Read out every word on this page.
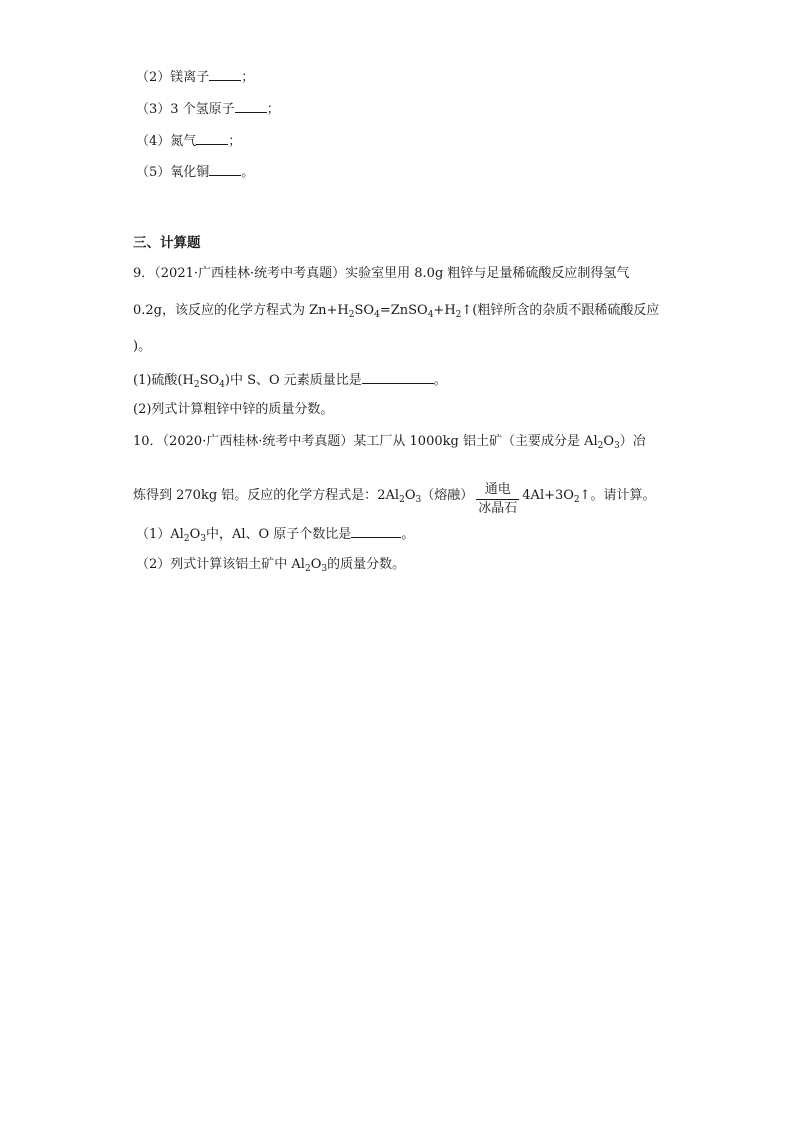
（2）镁离子 ；
（3）3 个氢原子 ；
（4）氮气 ；
（5）氧化铜 。
三、计算题
9．（2021·广西桂林·统考中考真题）实验室里用 8.0g 粗锌与足量稀硫酸反应制得氢气
0.2g，该反应的化学方程式为 $Zn+H_2SO_4=ZnSO_4+H_2↑$(粗锌所含的杂质不跟稀硫酸反应
)。
(1)硫酸$(H_2SO_4)$中 S、O 元素质量比是	。
(2)列式计算粗锌中锌的质量分数。
10．（2020·广西桂林·统考中考真题）某工厂从 1000kg 铝土矿（主要成分是 $Al_2O_3$）冶
炼得到 270kg 铝。反应的化学方程式是：$2Al_2O_3$（熔融） 通电
冰晶石
$4Al+3O_2↑$。请计算。
$(1)Al_2O_3$中，Al、O 原子个数比是	。
（2）列式计算该铝土矿中 $Al_2O_3$的质量分数。
